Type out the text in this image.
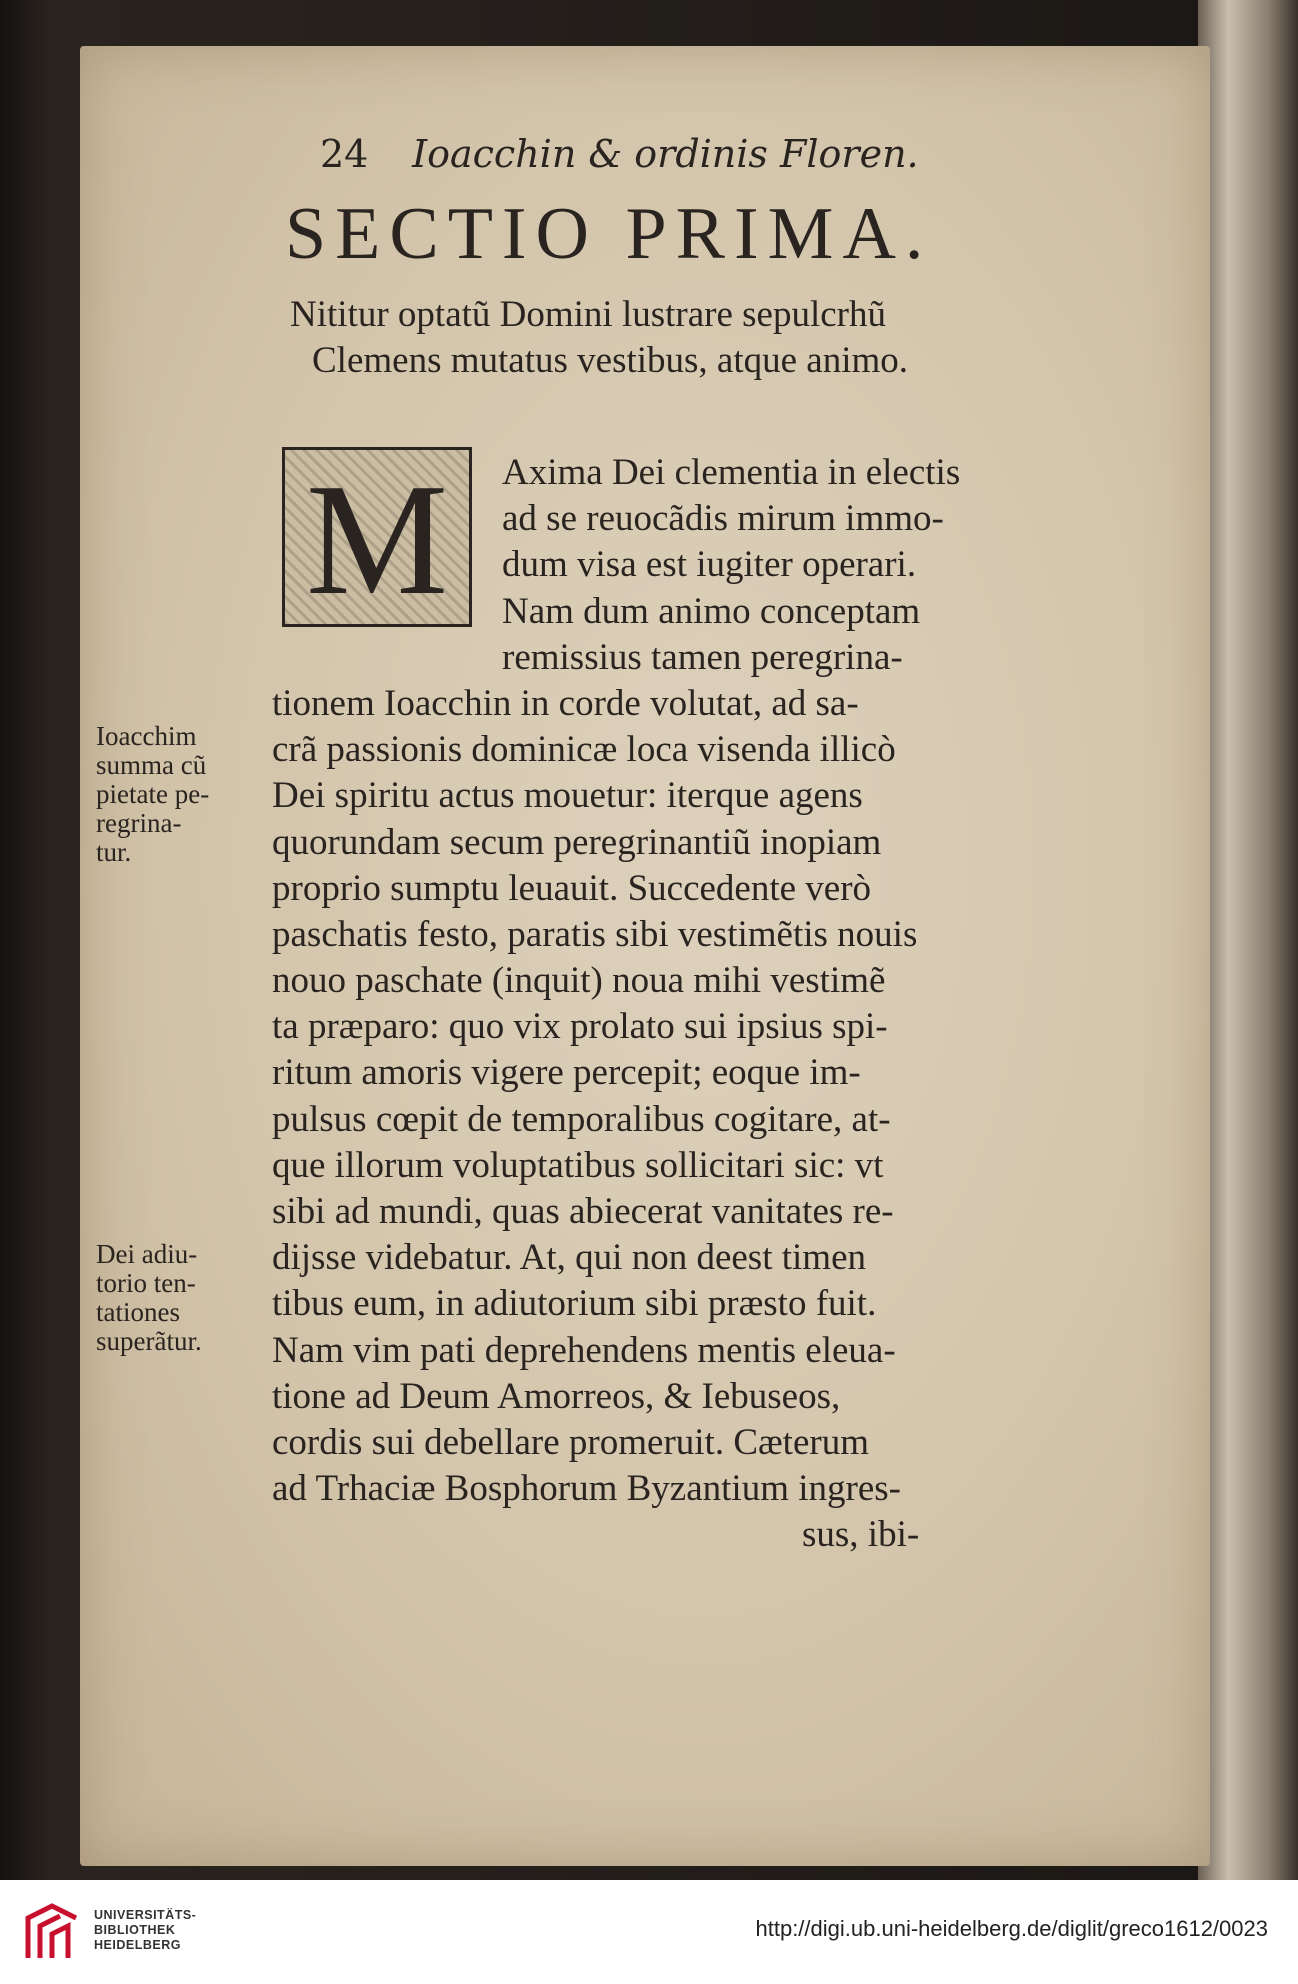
24 Ioacchin & ordinis Floren.
SECTIO PRIMA.
Nititur optatũ Domini lustrare sepulcrhũ
Clemens mutatus vestibus, atque animo.
Axima Dei clementia in electis
ad se reuocãdis mirum immo-
dum visa est iugiter operari.
Nam dum animo conceptam
remissius tamen peregrina-
tionem Ioacchin in corde volutat, ad sa-
crã passionis dominicæ loca visenda illicò
Dei spiritu actus mouetur: iterque agens
quorundam secum peregrinantiũ inopiam
proprio sumptu leuauit. Succedente verò
paschatis festo, paratis sibi vestimẽtis nouis
nouo paschate (inquit) noua mihi vestimẽ
ta præparo: quo vix prolato sui ipsius spi-
ritum amoris vigere percepit; eoque im-
pulsus cœpit de temporalibus cogitare, at-
que illorum voluptatibus sollicitari sic: vt
sibi ad mundi, quas abiecerat vanitates re-
dijsse videbatur. At, qui non deest timen
tibus eum, in adiutorium sibi præsto fuit.
Nam vim pati deprehendens mentis eleua-
tione ad Deum Amorreos, & Iebuseos,
cordis sui debellare promeruit. Cæterum
ad Trhaciæ Bosphorum Byzantium ingres-
sus, ibi-
M
Ioacchim
summa cũ
pietate pe-
regrina-
tur.
Dei adiu-
torio ten-
tationes
superãtur.
UNIVERSITÄTS-
BIBLIOTHEK
HEIDELBERG
http://digi.ub.uni-heidelberg.de/diglit/greco1612/0023
